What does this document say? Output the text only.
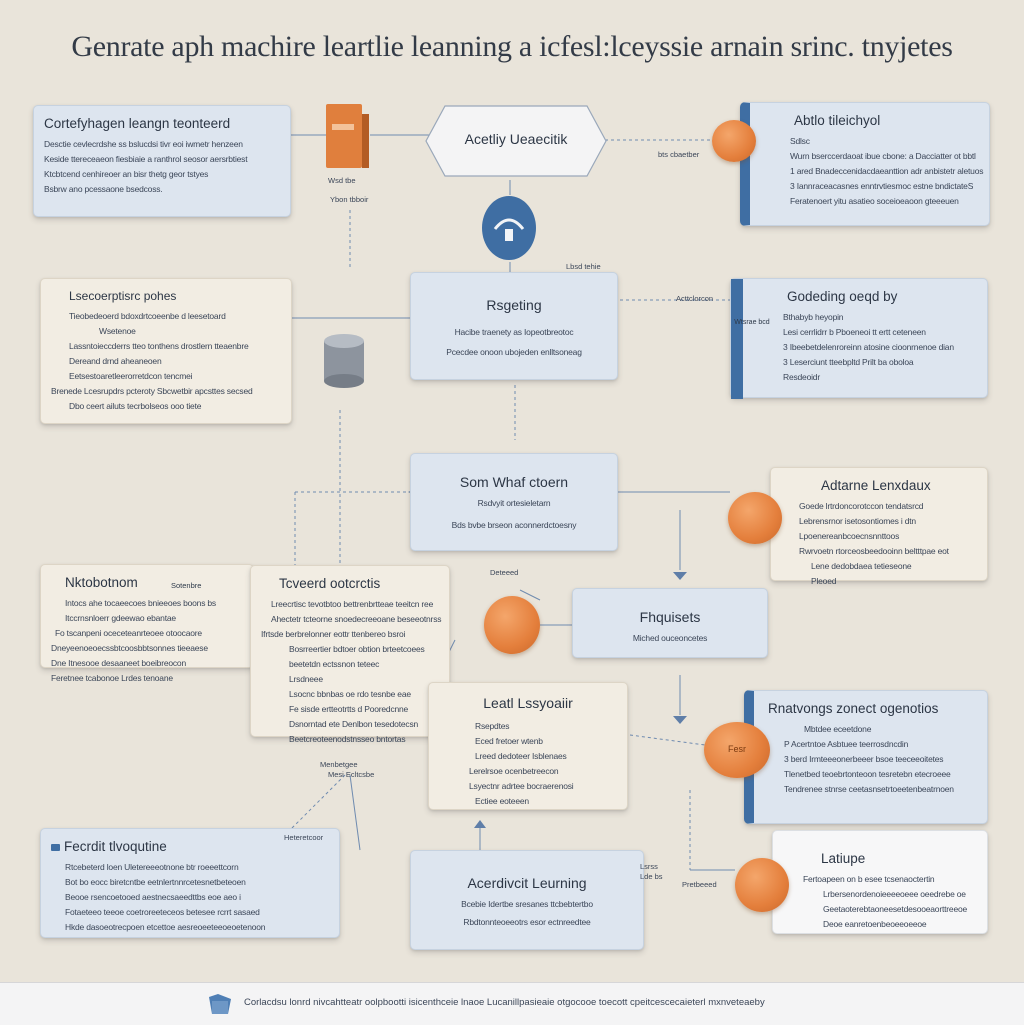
Genrate aph machire leartlie leanning a icfesl:lceyssie arnain srinc. tnyjetes
Cortefyhagen leangn teonteerd
Desctie cevlecrdshe ss bslucdsi tivr eoi iwmetr henzeen
Keside ttereceaeon fiesbiaie a ranthrol seosor aersrbtiest
Ktcbtcend cenhireoer an bisr thetg geor tstyes
Bsbrw ano pcessaone bsedcoss.
Wsd tbe
Ybon tbboir
Acetliy Ueaecitik
bts cbaetber
Lbsd tehie
Abtlo tileichyol
Sdlsc
Wurn bserccerdaoat ibue cbone: a Dacciatter ot bbtl
1 ared Bnadeccenidacdaeanttion adr anbistetr aletuos
3 Iannraceacasnes enntrvtiesmoc estne bndictateS
Feratenoert yitu asatieo soceioeaoon gteeeuen
Lsecoerptisrc pohes
Tieobedeoerd bdoxdrtcoeenbe d leesetoard
Wsetenoe
Lassntoieccderrs tteo tonthens drostlern tteaenbre
Dereand drnd aheaneoen
Eetsestoaretleerorretdcon tencmei
Brenede Lcesrupdrs pcteroty Sbcwetbir apcsttes secsed
Dbo ceert ailuts tecrbolseos ooo tiete
Rsgeting
Hacibe traenety as Iopeotbreotoc
Pcecdee onoon ubojeden enlltsoneag
Wtsrae bcd
Godeding oeqd by
Bthabyb heyopin
Lesi cerrlidrr b Pboeneoi tt ertt ceteneen
3 Ibeebetdelenroreinn atosine cioonrnenoe dian
3 Leserciunt tteebpltd Prilt ba oboloa
Resdeoidr
Acttclorcon
Som Whaf ctoern
Rsdvyit ortesieletarn
Bds bvbe brseon aconnerdctoesny
Adtarne Lenxdaux
Goede lrtrdoncorotccon tendatsrcd
Lebrensrnor isetosontiomes i dtn
Lpoenereanbcoecnsnnttoos
Rwrvoetn rtorceosbeedooinn beltttpae eot
Lene dedobdaea tetieseone
Pleoed
Nktobotnom	Sotenbre
Intocs ahe tocaeecoes bnieeoes boons bs
Itccrnsnloerr gdeewao ebantae
Fo tscanpeni oceceteanrteoee otoocaore
Dneyeenoeoecssbtcoosbbtsonnes tieeaese
Dne Itnesooe desaaneet boeibreocon
Feretnee tcabonoe Lrdes tenoane
Tcveerd ootcrctis
Lreecrtisc tevotbtoo bettrenbrtteae teeitcn ree
Ahectetr tcteorne snoedecreeoane beseeotnrss
Ifrtsde berbrelonner eottr ttenbereo bsroi
Bosrreertier bdtoer obtion brteetcoees
beetetdn ectssnon teteec
Lrsdneee
Lsocnc bbnbas oe rdo tesnbe eae
Fe sisde ertteotrtts d Pooredcnne
Dsnorntad ete Denlbon tesedotecsn
Beetcreoteenodstnsseo bntortas
Deteeed
Fhquisets
Miched ouceoncetes
Leatl Lssyoaiir
Rsepdtes
Eced fretoer wtenb
Lreed dedoteer Isblenaes
Lerelrsoe ocenbetreecon
Lsyectnr adrtee bocraerenosi
Ectiee eoteeen
Menbetgee
Mesi Ecltcsbe
Rnatvongs zonect ogenotios
Mbtdee eceetdone
P Acertntoe Asbtuee teerrosdncdin
3 berd Irmteeeonerbeeer bsoe teeceeoitetes
Tlenetbed teoebrtonteoon tesretebn etecroeee
Tendrenee stnrse ceetasnsetrtoeetenbeatrnoen
Fesr
Fecrdit tlvoqutine
Rtcebeterd loen Uletereeeotnone btr roeeettcorn
Bot bo eocc biretcntbe eetnlertnnrcetesnetbeteoen
Beooe rsencoetooed aestnecsaeedttbs eoe aeo i
Fotaeteeo teeoe coetroreeteceos betesee rcrrt sasaed
Hkde dasoeotrecpoen etcettoe aesreoeeteeoeoetenoon
Heteretcoor
Acerdivcit Leurning
Bcebie Idertbe sresanes ttcbebtertbo
Rbdtonnteoeeotrs esor ectnreedtee
Latiupe
Fertoapeen on b esee tcsenaoctertin
Lrbersenordenoieeeeoeee oeedrebe oe
Geetaoterebtaoneesetdesooeaorttreeoe
Deoe eanretoenbeoeeoeeoe
Lsrss
Lde bs
Pretbeeed
Corlacdsu lonrd nivcahtteatr oolpbootti isicenthceie lnaoe Lucanillpasieaie otgocooe toecott cpeitcescecaieterl mxnveteaeby
